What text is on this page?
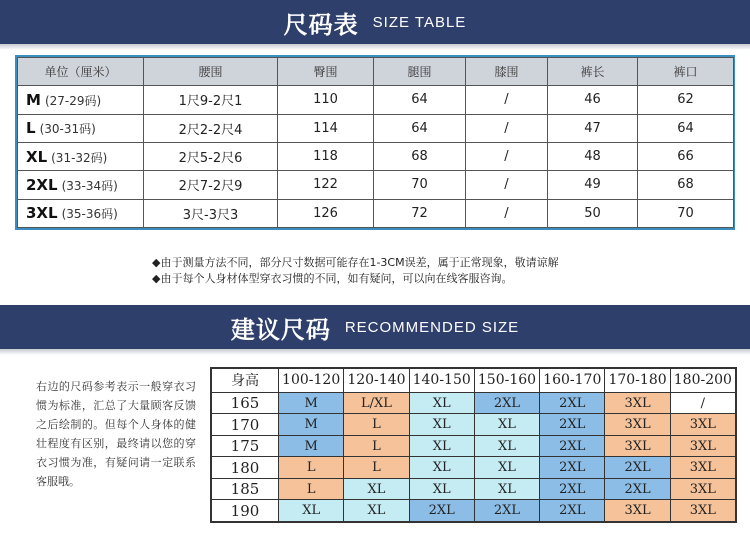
尺码表 SIZE TABLE
单位（厘米）	腰围	臀围	腿围	膝围	裤长	裤口
M (27-29码)	1尺9-2尺1	110	64	/	46	62
L (30-31码)	2尺2-2尺4	114	64	/	47	64
XL (31-32码)	2尺5-2尺6	118	68	/	48	66
2XL (33-34码)	2尺7-2尺9	122	70	/	49	68
3XL (35-36码)	3尺-3尺3	126	72	/	50	70
◆由于测量方法不同，部分尺寸数据可能存在1-3CM误差，属于正常现象，敬请谅解
◆由于每个人身材体型穿衣习惯的不同，如有疑问，可以向在线客服咨询。
建议尺码 RECOMMENDED SIZE
右边的尺码参考表示一般穿衣习惯为标准，汇总了大量顾客反馈之后绘制的。但每个人身体的健壮程度有区别，最终请以您的穿衣习惯为准，有疑问请一定联系客服哦。
身高	100-120	120-140	140-150	150-160	160-170	170-180	180-200
165	M	L/XL	XL	2XL	2XL	3XL	/
170	M	L	XL	XL	2XL	3XL	3XL
175	M	L	XL	XL	2XL	3XL	3XL
180	L	L	XL	XL	2XL	2XL	3XL
185	L	XL	XL	XL	2XL	2XL	3XL
190	XL	XL	2XL	2XL	2XL	3XL	3XL
